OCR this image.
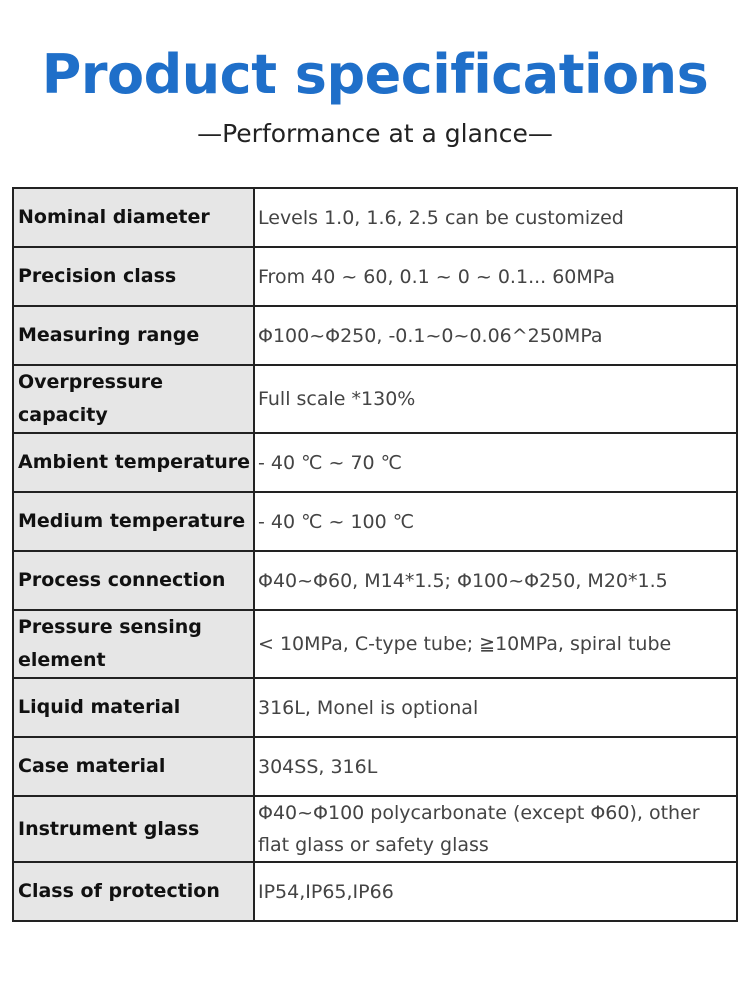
Product specifications
—Performance at a glance—
Nominal diameter	Levels 1.0, 1.6, 2.5 can be customized
Precision class	From 40 ~ 60, 0.1 ~ 0 ~ 0.1... 60MPa
Measuring range	Φ100~Φ250, -0.1~0~0.06^250MPa
Overpressure capacity	Full scale *130%
Ambient temperature	- 40 ℃ ~ 70 ℃
Medium temperature	- 40 ℃ ~ 100 ℃
Process connection	Φ40~Φ60, M14*1.5; Φ100~Φ250, M20*1.5
Pressure sensing element	< 10MPa, C-type tube; ≧10MPa, spiral tube
Liquid material	316L, Monel is optional
Case material	304SS, 316L
Instrument glass	Φ40~Φ100 polycarbonate (except Φ60), other flat glass or safety glass
Class of protection	IP54,IP65,IP66
